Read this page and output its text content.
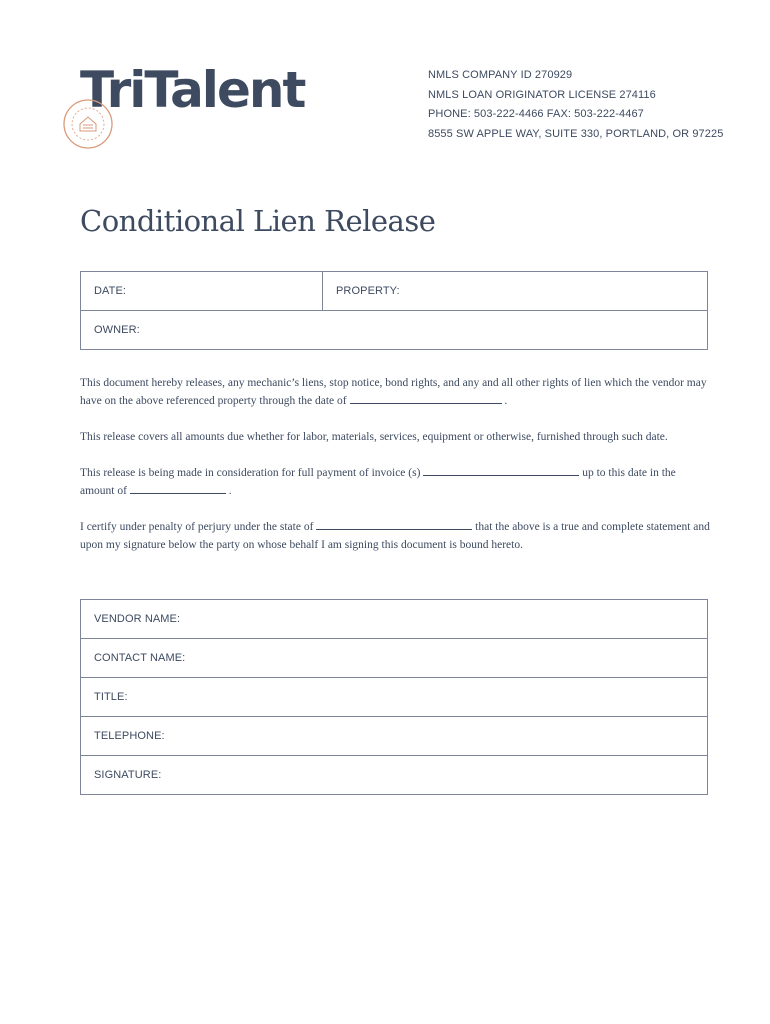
TriTalent	NMLS COMPANY ID 270929
NMLS LOAN ORIGINATOR LICENSE 274116
PHONE: 503-222-4466 FAX: 503-222-4467
8555 SW APPLE WAY, SUITE 330, PORTLAND, OR 97225
Conditional Lien Release
DATE:	PROPERTY:
OWNER:
This document hereby releases, any mechanic’s liens, stop notice, bond rights, and any and all other rights of lien which the vendor may have on the above referenced property through the date of	.
This release covers all amounts due whether for labor, materials, services, equipment or otherwise, furnished through such date.
This release is being made in consideration for full payment of invoice (s)	up to this date in the amount of	.
I certify under penalty of perjury under the state of	that the above is a true and complete statement and upon my signature below the party on whose behalf I am signing this document is bound hereto.
VENDOR NAME:
CONTACT NAME:
TITLE:
TELEPHONE:
SIGNATURE:
